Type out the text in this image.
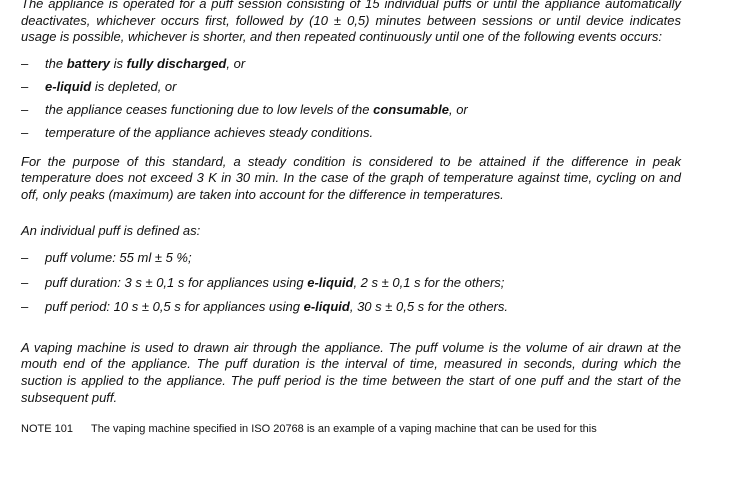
The appliance is operated for a puff session consisting of 15 individual puffs or until the appliance automatically deactivates, whichever occurs first, followed by (10 ± 0,5) minutes between sessions or until device indicates usage is possible, whichever is shorter, and then repeated continuously until one of the following events occurs:

– the battery is fully discharged, or
– e-liquid is depleted, or
– the appliance ceases functioning due to low levels of the consumable, or
– temperature of the appliance achieves steady conditions.

For the purpose of this standard, a steady condition is considered to be attained if the difference in peak temperature does not exceed 3 K in 30 min. In the case of the graph of temperature against time, cycling on and off, only peaks (maximum) are taken into account for the difference in temperatures.

An individual puff is defined as:

– puff volume: 55 ml ± 5 %;
– puff duration: 3 s ± 0,1 s for appliances using e-liquid, 2 s ± 0,1 s for the others;
– puff period: 10 s ± 0,5 s for appliances using e-liquid, 30 s ± 0,5 s for the others.

A vaping machine is used to drawn air through the appliance. The puff volume is the volume of air drawn at the mouth end of the appliance. The puff duration is the interval of time, measured in seconds, during which the suction is applied to the appliance. The puff period is the time between the start of one puff and the start of the subsequent puff.

NOTE 101 The vaping machine specified in ISO 20768 is an example of a vaping machine that can be used for this
